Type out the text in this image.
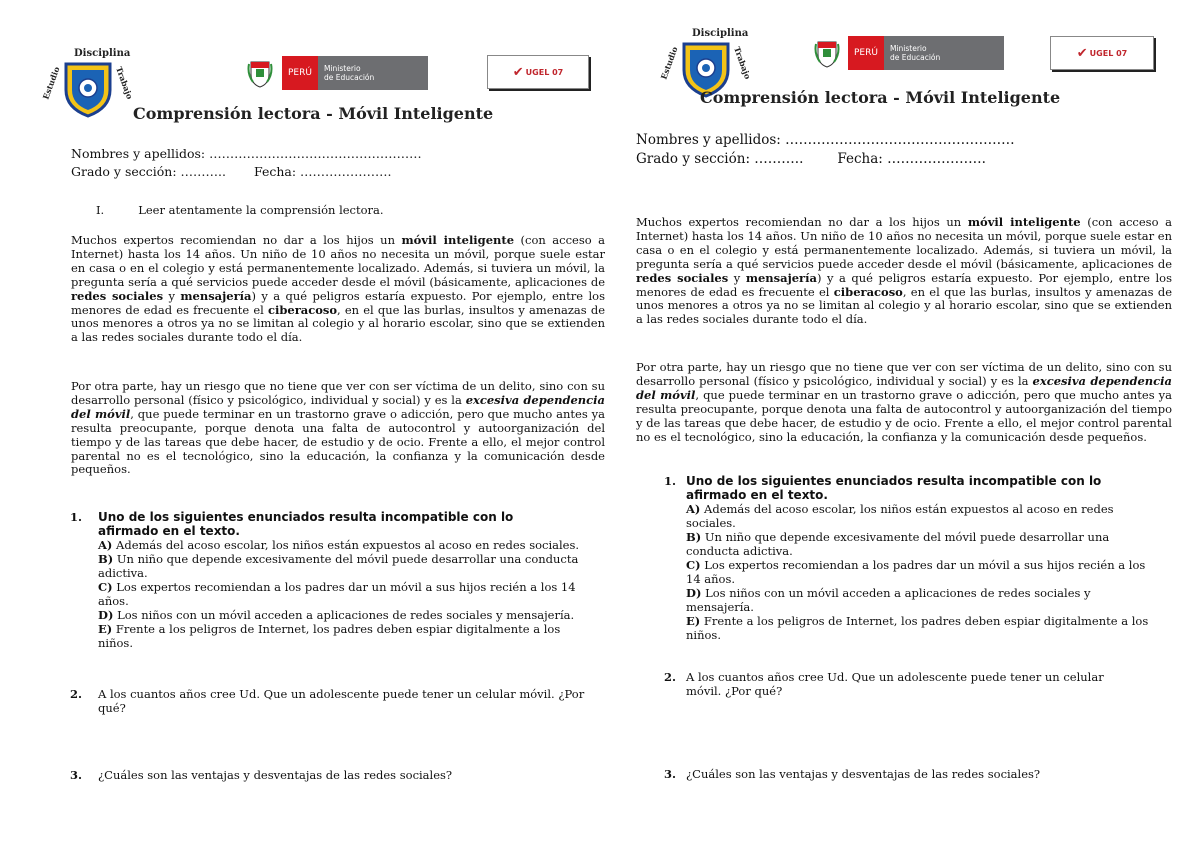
Disciplina
Estudio	Trabajo	PERÚ	Ministerio
de Educación	✔ UGEL 07
Comprensión lectora - Móvil Inteligente
Nombres y apellidos: ……………………………………………
Grado y sección: ……….. Fecha: ………………….
I.	Leer atentamente la comprensión lectora.
Muchos expertos recomiendan no dar a los hijos un móvil inteligente (con acceso a Internet) hasta los 14 años. Un niño de 10 años no necesita un móvil, porque suele estar en casa o en el colegio y está permanentemente localizado. Además, si tuviera un móvil, la pregunta sería a qué servicios puede acceder desde el móvil (básicamente, aplicaciones de redes sociales y mensajería) y a qué peligros estaría expuesto. Por ejemplo, entre los menores de edad es frecuente el ciberacoso, en el que las burlas, insultos y amenazas de unos menores a otros ya no se limitan al colegio y al horario escolar, sino que se extienden a las redes sociales durante todo el día.
Por otra parte, hay un riesgo que no tiene que ver con ser víctima de un delito, sino con su desarrollo personal (físico y psicológico, individual y social) y es la excesiva dependencia del móvil, que puede terminar en un trastorno grave o adicción, pero que mucho antes ya resulta preocupante, porque denota una falta de autocontrol y autoorganización del tiempo y de las tareas que debe hacer, de estudio y de ocio. Frente a ello, el mejor control parental no es el tecnológico, sino la educación, la confianza y la comunicación desde pequeños.
1. Uno de los siguientes enunciados resulta incompatible con lo afirmado en el texto.
A) Además del acoso escolar, los niños están expuestos al acoso en redes sociales.
B) Un niño que depende excesivamente del móvil puede desarrollar una conducta adictiva.
C) Los expertos recomiendan a los padres dar un móvil a sus hijos recién a los 14 años.
D) Los niños con un móvil acceden a aplicaciones de redes sociales y mensajería.
E) Frente a los peligros de Internet, los padres deben espiar digitalmente a los niños.
2. A los cuantos años cree Ud. Que un adolescente puede tener un celular móvil. ¿Por qué?
3. ¿Cuáles son las ventajas y desventajas de las redes sociales?
Disciplina
Estudio	Trabajo	PERÚ	Ministerio
de Educación	✔ UGEL 07
Comprensión lectora - Móvil Inteligente
Nombres y apellidos: ……………………………………………
Grado y sección: ………..	Fecha: ………………….
Muchos expertos recomiendan no dar a los hijos un móvil inteligente (con acceso a Internet) hasta los 14 años. Un niño de 10 años no necesita un móvil, porque suele estar en casa o en el colegio y está permanentemente localizado. Además, si tuviera un móvil, la pregunta sería a qué servicios puede acceder desde el móvil (básicamente, aplicaciones de redes sociales y mensajería) y a qué peligros estaría expuesto. Por ejemplo, entre los menores de edad es frecuente el ciberacoso, en el que las burlas, insultos y amenazas de unos menores a otros ya no se limitan al colegio y al horario escolar, sino que se extienden a las redes sociales durante todo el día.
Por otra parte, hay un riesgo que no tiene que ver con ser víctima de un delito, sino con su desarrollo personal (físico y psicológico, individual y social) y es la excesiva dependencia del móvil, que puede terminar en un trastorno grave o adicción, pero que mucho antes ya resulta preocupante, porque denota una falta de autocontrol y autoorganización del tiempo y de las tareas que debe hacer, de estudio y de ocio. Frente a ello, el mejor control parental no es el tecnológico, sino la educación, la confianza y la comunicación desde pequeños.
1. Uno de los siguientes enunciados resulta incompatible con lo afirmado en el texto.
A) Además del acoso escolar, los niños están expuestos al acoso en redes sociales.
B) Un niño que depende excesivamente del móvil puede desarrollar una conducta adictiva.
C) Los expertos recomiendan a los padres dar un móvil a sus hijos recién a los 14 años.
D) Los niños con un móvil acceden a aplicaciones de redes sociales y mensajería.
E) Frente a los peligros de Internet, los padres deben espiar digitalmente a los niños.
2. A los cuantos años cree Ud. Que un adolescente puede tener un celular móvil. ¿Por qué?
3. ¿Cuáles son las ventajas y desventajas de las redes sociales?
